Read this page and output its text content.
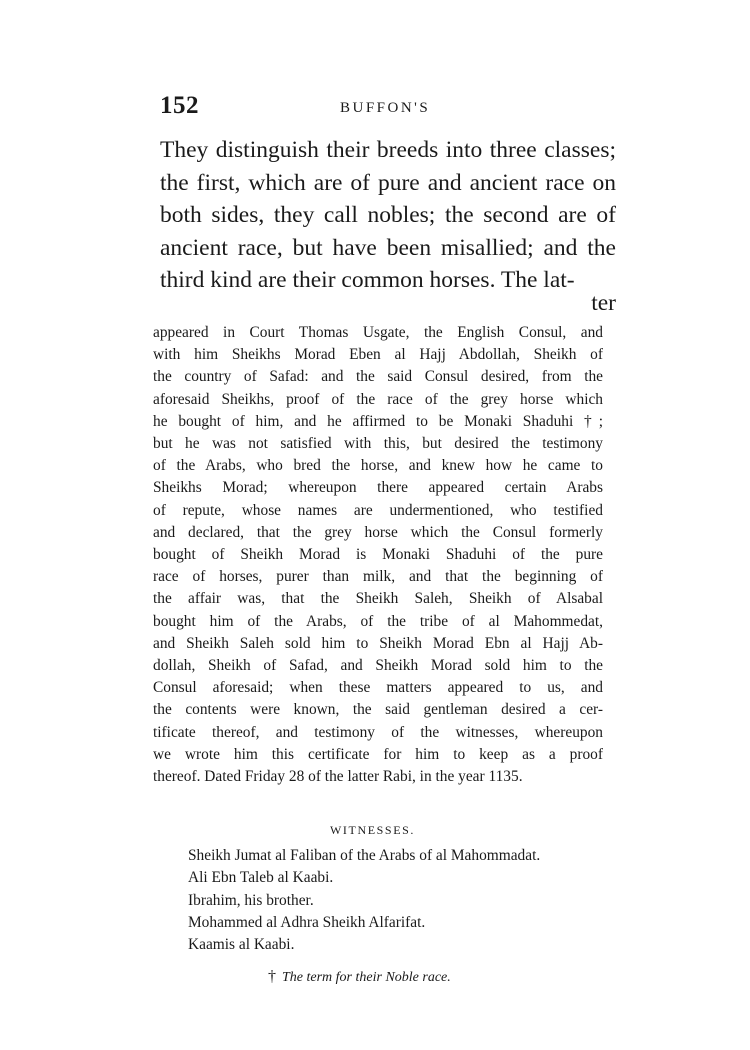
152	BUFFON'S
They distinguish their breeds into three classes;
the first, which are of pure and ancient race on
both sides, they call nobles; the second are of
ancient race, but have been misallied; and the
third kind are their common horses. The lat-
ter
appeared in Court Thomas Usgate, the English Consul, and
with him Sheikhs Morad Eben al Hajj Abdollah, Sheikh of
the country of Safad: and the said Consul desired, from the
aforesaid Sheikhs, proof of the race of the grey horse which
he bought of him, and he affirmed to be Monaki Shaduhi †;
but he was not satisfied with this, but desired the testimony
of the Arabs, who bred the horse, and knew how he came to
Sheikhs Morad; whereupon there appeared certain Arabs
of repute, whose names are undermentioned, who testified
and declared, that the grey horse which the Consul formerly
bought of Sheikh Morad is Monaki Shaduhi of the pure
race of horses, purer than milk, and that the beginning of
the affair was, that the Sheikh Saleh, Sheikh of Alsabal
bought him of the Arabs, of the tribe of al Mahommedat,
and Sheikh Saleh sold him to Sheikh Morad Ebn al Hajj Ab-
dollah, Sheikh of Safad, and Sheikh Morad sold him to the
Consul aforesaid; when these matters appeared to us, and
the contents were known, the said gentleman desired a cer-
tificate thereof, and testimony of the witnesses, whereupon
we wrote him this certificate for him to keep as a proof
thereof. Dated Friday 28 of the latter Rabi, in the year 1135.
WITNESSES.
Sheikh Jumat al Faliban of the Arabs of al Mahommadat.
Ali Ebn Taleb al Kaabi.
Ibrahim, his brother.
Mohammed al Adhra Sheikh Alfarifat.
Kaamis al Kaabi.
† The term for their Noble race.
